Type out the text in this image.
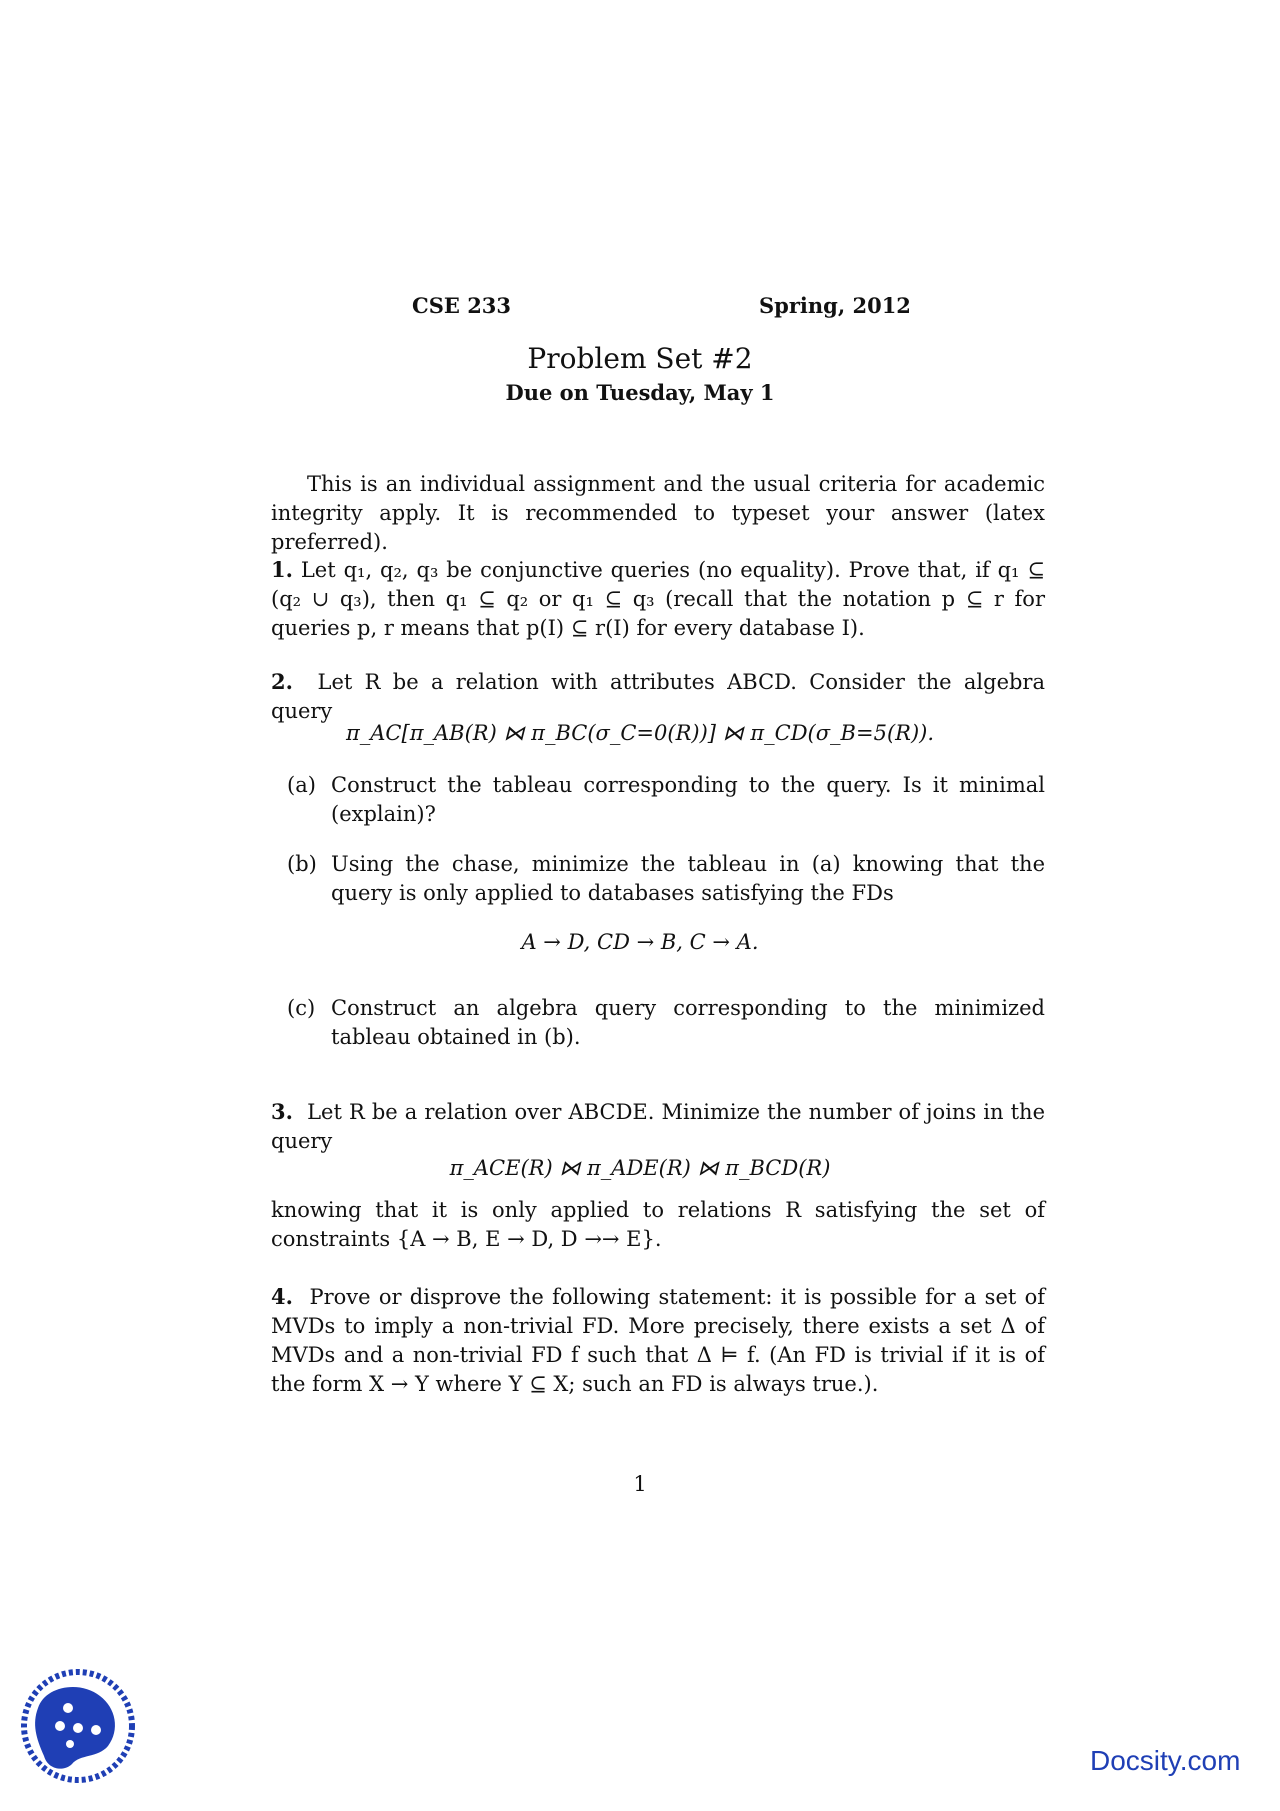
CSE 233	Spring, 2012
Problem Set #2
Due on Tuesday, May 1

This is an individual assignment and the usual criteria for academic integrity apply. It is recommended to typeset your answer (latex preferred).

1. Let q₁, q₂, q₃ be conjunctive queries (no equality). Prove that, if q₁ ⊆ (q₂ ∪ q₃), then q₁ ⊆ q₂ or q₁ ⊆ q₃ (recall that the notation p ⊆ r for queries p, r means that p(I) ⊆ r(I) for every database I).

2. Let R be a relation with attributes ABCD. Consider the algebra query

π_AC[π_AB(R) ⋈ π_BC(σ_C=0(R))] ⋈ π_CD(σ_B=5(R)).
(a) Construct the tableau corresponding to the query. Is it minimal (explain)?
(b) Using the chase, minimize the tableau in (a) knowing that the query is only applied to databases satisfying the FDs
A → D, CD → B, C → A.
(c) Construct an algebra query corresponding to the minimized tableau obtained in (b).

3. Let R be a relation over ABCDE. Minimize the number of joins in the query

π_ACE(R) ⋈ π_ADE(R) ⋈ π_BCD(R)

knowing that it is only applied to relations R satisfying the set of constraints {A → B, E → D, D →→ E}.

4. Prove or disprove the following statement: it is possible for a set of MVDs to imply a non-trivial FD. More precisely, there exists a set Δ of MVDs and a non-trivial FD f such that Δ ⊨ f. (An FD is trivial if it is of the form X → Y where Y ⊆ X; such an FD is always true.).

1
Docsity.com
